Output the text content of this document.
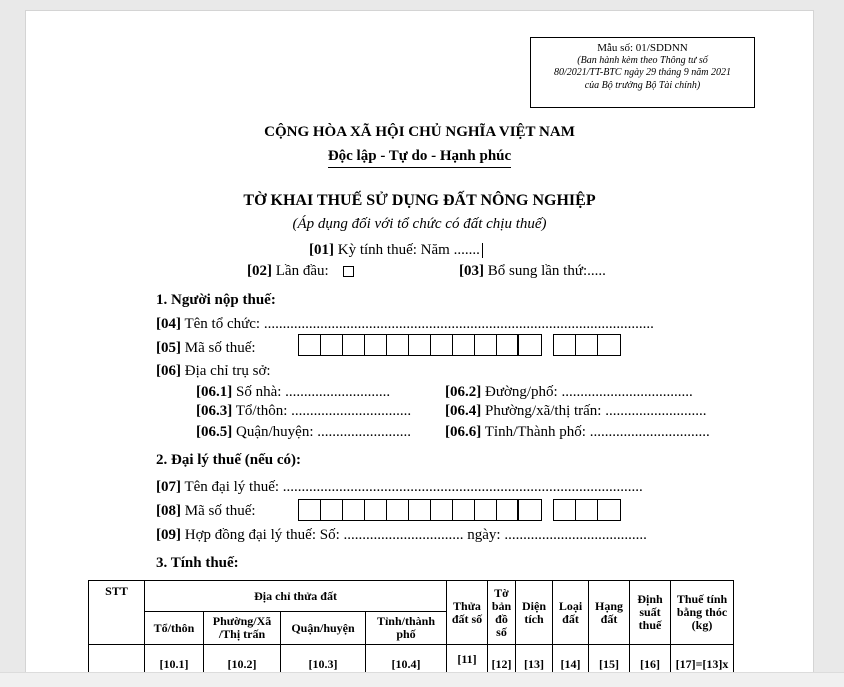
Mẫu số: 01/SDDNN
(Ban hành kèm theo Thông tư số
80/2021/TT-BTC ngày 29 tháng 9 năm 2021
của Bộ trưởng Bộ Tài chính)
CỘNG HÒA XÃ HỘI CHỦ NGHĨA VIỆT NAM
Độc lập - Tự do - Hạnh phúc
TỜ KHAI THUẾ SỬ DỤNG ĐẤT NÔNG NGHIỆP
(Áp dụng đối với tổ chức có đất chịu thuế)
[01] Kỳ tính thuế: Năm .......
[02] Lần đầu:	[03] Bổ sung lần thứ:.....
1. Người nộp thuế:
[04] Tên tổ chức: ........................................................................................................
[05] Mã số thuế:
[06] Địa chỉ trụ sở:
[06.1] Số nhà: ............................	[06.2] Đường/phố: ...................................
[06.3] Tổ/thôn: ................................ [06.4] Phường/xã/thị trấn: ...........................
[06.5] Quận/huyện: ......................... [06.6] Tỉnh/Thành phố: ................................
2. Đại lý thuế (nếu có):
[07] Tên đại lý thuế: ................................................................................................
[08] Mã số thuế:
[09] Hợp đồng đại lý thuế: Số: ................................ ngày: ......................................
3. Tính thuế:
STT	Địa chỉ thửa đất				Thửa đất số	Tờ bản đồ số	Diện tích	Loại đất	Hạng đất	Định suất thuế	Thuế tính bằng thóc (kg)
	Tổ/thôn	Phường/Xã /Thị trấn	Quận/huyện	Tỉnh/thành phố							
	[10.1]	[10.2]	[10.3]	[10.4]	[11]	[12]	[13]	[14]	[15]	[16]	[17]=[13]x
